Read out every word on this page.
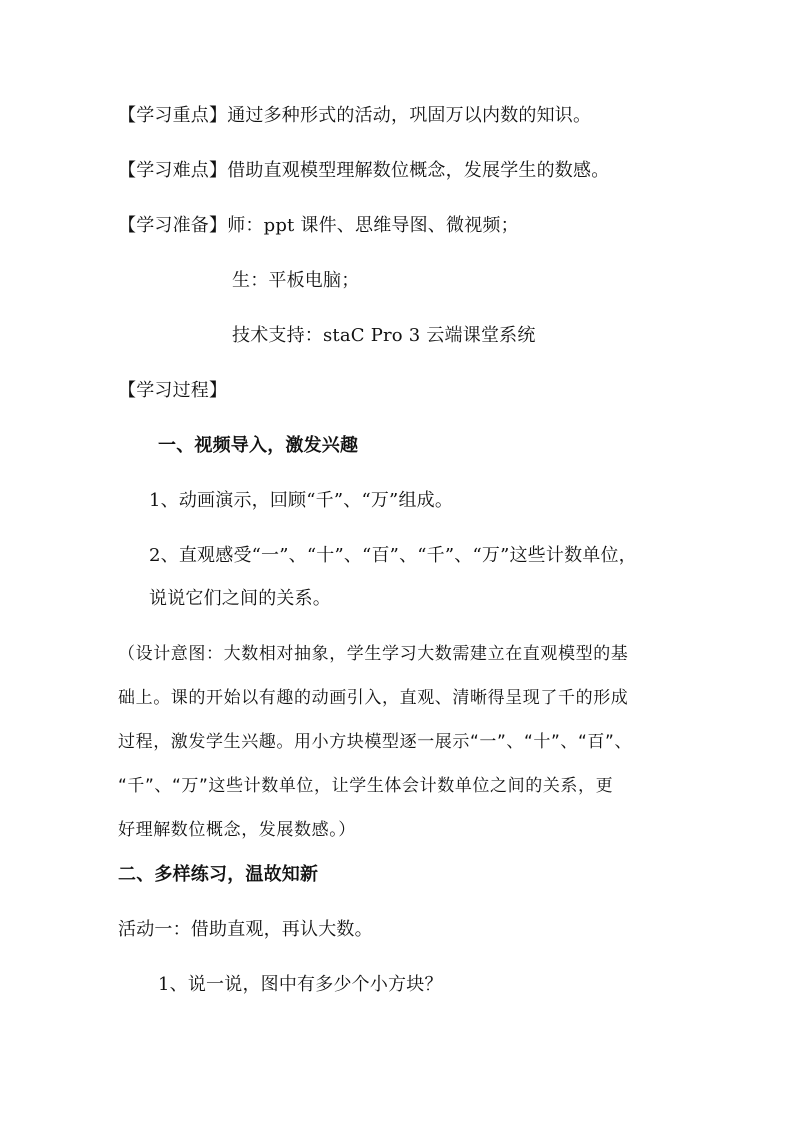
【学习重点】通过多种形式的活动，巩固万以内数的知识。
【学习难点】借助直观模型理解数位概念，发展学生的数感。
【学习准备】师：ppt 课件、思维导图、微视频；
生：平板电脑；
技术支持：staC Pro 3 云端课堂系统
【学习过程】
一、视频导入，激发兴趣
1、动画演示，回顾“千”、“万”组成。
2、直观感受“一”、“十”、“百”、“千”、“万”这些计数单位，
说说它们之间的关系。
（设计意图：大数相对抽象，学生学习大数需建立在直观模型的基
础上。课的开始以有趣的动画引入，直观、清晰得呈现了千的形成
过程，激发学生兴趣。用小方块模型逐一展示“一”、“十”、“百”、
“千”、“万”这些计数单位，让学生体会计数单位之间的关系，更
好理解数位概念，发展数感。）
二、多样练习，温故知新
活动一：借助直观，再认大数。
1、说一说，图中有多少个小方块？
